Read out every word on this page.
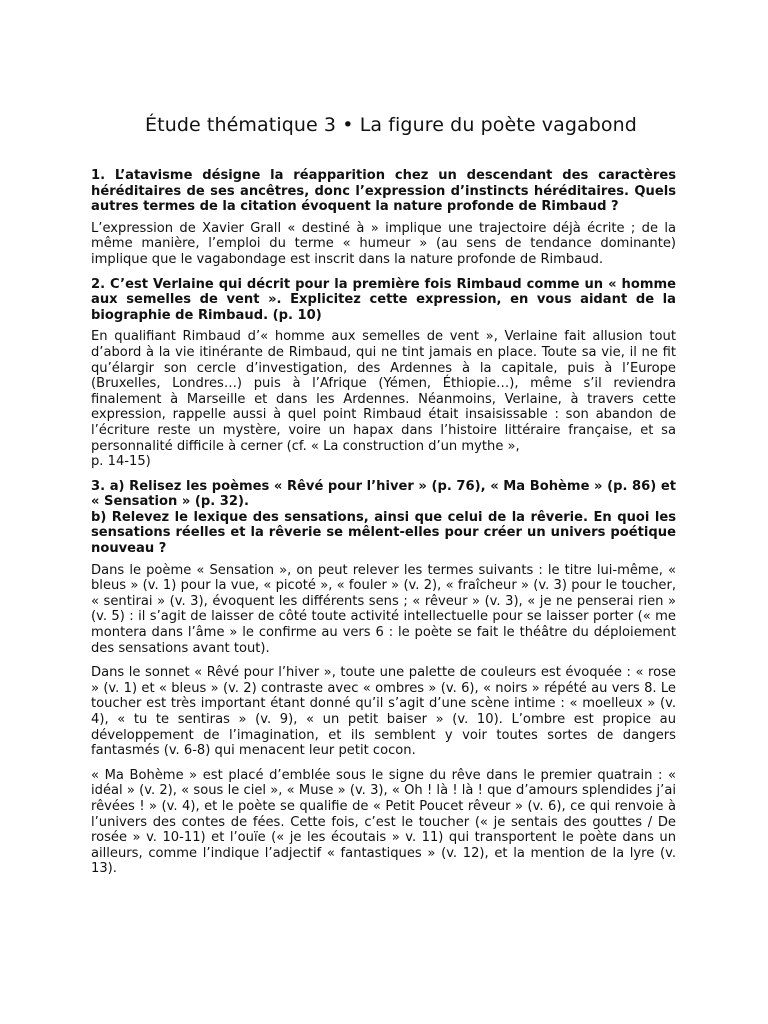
Étude thématique 3 • La figure du poète vagabond

1. L’atavisme désigne la réapparition chez un descendant des caractères héréditaires de ses ancêtres, donc l’expression d’instincts héréditaires. Quels autres termes de la citation évoquent la nature profonde de Rimbaud ?

L’expression de Xavier Grall « destiné à » implique une trajectoire déjà écrite ; de la même manière, l’emploi du terme « humeur » (au sens de tendance dominante) implique que le vagabondage est inscrit dans la nature profonde de Rimbaud.

2. C’est Verlaine qui décrit pour la première fois Rimbaud comme un « homme aux semelles de vent ». Explicitez cette expression, en vous aidant de la biographie de Rimbaud. (p. 10)

En qualifiant Rimbaud d’« homme aux semelles de vent », Verlaine fait allusion tout d’abord à la vie itinérante de Rimbaud, qui ne tint jamais en place. Toute sa vie, il ne fit qu’élargir son cercle d’investigation, des Ardennes à la capitale, puis à l’Europe (Bruxelles, Londres…) puis à l’Afrique (Yémen, Éthiopie…), même s’il reviendra finalement à Marseille et dans les Ardennes. Néanmoins, Verlaine, à travers cette expression, rappelle aussi à quel point Rimbaud était insaisissable : son abandon de l’écriture reste un mystère, voire un hapax dans l’histoire littéraire française, et sa personnalité difficile à cerner (cf. « La construction d’un mythe »,
p. 14-15)

3. a) Relisez les poèmes « Rêvé pour l’hiver » (p. 76), « Ma Bohème » (p. 86) et « Sensation » (p. 32).
b) Relevez le lexique des sensations, ainsi que celui de la rêverie. En quoi les sensations réelles et la rêverie se mêlent-elles pour créer un univers poétique nouveau ?

Dans le poème « Sensation », on peut relever les termes suivants : le titre lui-même, « bleus » (v. 1) pour la vue, « picoté », « fouler » (v. 2), « fraîcheur » (v. 3) pour le toucher, « sentirai » (v. 3), évoquent les différents sens ; « rêveur » (v. 3), « je ne penserai rien » (v. 5) : il s’agit de laisser de côté toute activité intellectuelle pour se laisser porter (« me montera dans l’âme » le confirme au vers 6 : le poète se fait le théâtre du déploiement des sensations avant tout).

Dans le sonnet « Rêvé pour l’hiver », toute une palette de couleurs est évoquée : « rose » (v. 1) et « bleus » (v. 2) contraste avec « ombres » (v. 6), « noirs » répété au vers 8. Le toucher est très important étant donné qu’il s’agit d’une scène intime : « moelleux » (v. 4), « tu te sentiras » (v. 9), « un petit baiser » (v. 10). L’ombre est propice au développement de l’imagination, et ils semblent y voir toutes sortes de dangers fantasmés (v. 6-8) qui menacent leur petit cocon.

« Ma Bohème » est placé d’emblée sous le signe du rêve dans le premier quatrain : « idéal » (v. 2), « sous le ciel », « Muse » (v. 3), « Oh ! là ! là ! que d’amours splendides j’ai rêvées ! » (v. 4), et le poète se qualifie de « Petit Poucet rêveur » (v. 6), ce qui renvoie à l’univers des contes de fées. Cette fois, c’est le toucher (« je sentais des gouttes / De rosée » v. 10-11) et l’ouïe (« je les écoutais » v. 11) qui transportent le poète dans un ailleurs, comme l’indique l’adjectif « fantastiques » (v. 12), et la mention de la lyre (v. 13).
